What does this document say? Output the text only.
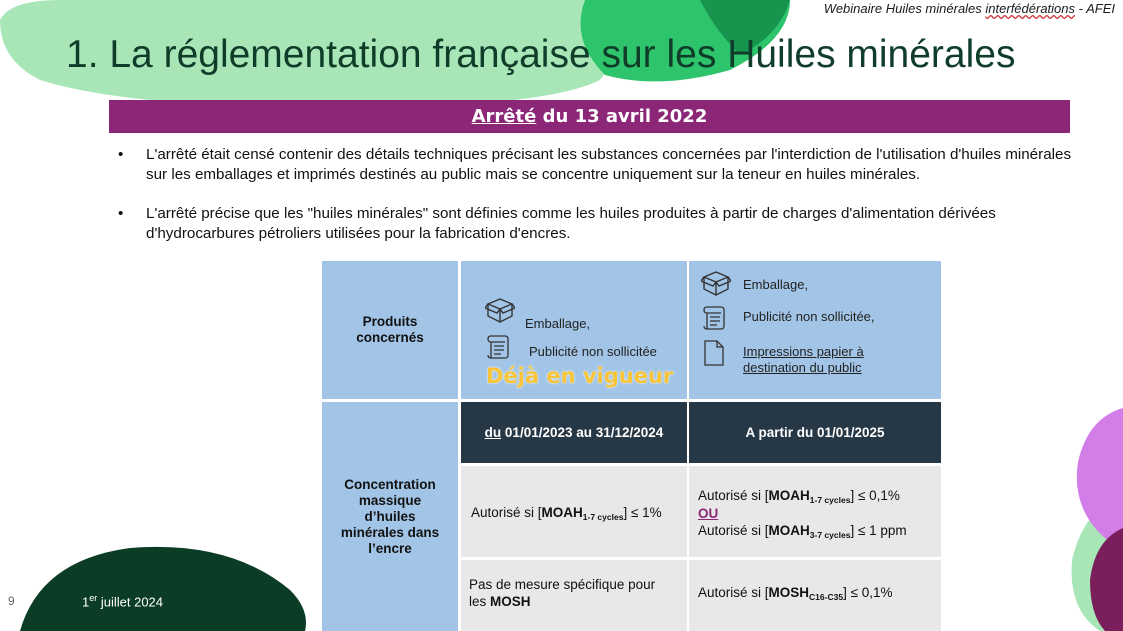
Webinaire Huiles minérales interfédérations - AFEI
1. La réglementation française sur les Huiles minérales
Arrêté du 13 avril 2022
• L'arrêté était censé contenir des détails techniques précisant les substances concernées par l'interdiction de l'utilisation d'huiles minérales sur les emballages et imprimés destinés au public mais se concentre uniquement sur la teneur en huiles minérales.
• L'arrêté précise que les "huiles minérales" sont définies comme les huiles produites à partir de charges d'alimentation dérivées d'hydrocarbures pétroliers utilisées pour la fabrication d'encres.
Produits concernés
Emballage,
Publicité non sollicitée
Déjà en vigueur
Emballage,
Publicité non sollicitée,
Impressions papier à
destination du public
Concentration massique d’huiles minérales dans l’encre
du 01/01/2023 au 31/12/2024	A partir du 01/01/2025
Autorisé si $[MOAH_{1-7 cycles}] \le 1\%$
Autorisé si $[MOAH_{1-7 cycles}] \le 0,1\%$
OU
Autorisé si $[MOAH_{3-7 cycles}] \le 1$ ppm
Pas de mesure spécifique pour
les MOSH
Autorisé si $[MOSH_{C16-C35}] \le 0,1\%$
9	1er juillet 2024
